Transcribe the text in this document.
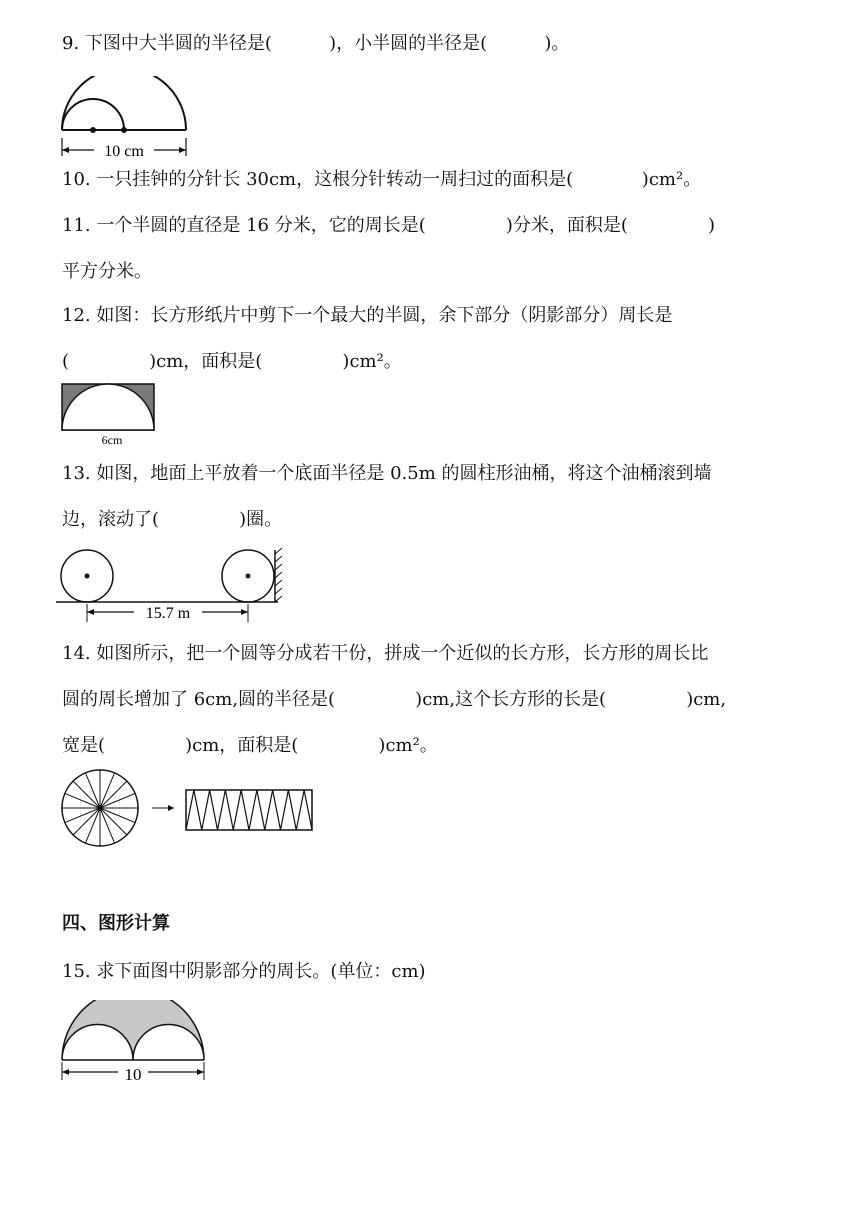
9. 下图中大半圆的半径是(          )，小半圆的半径是(          )。
10 cm
10. 一只挂钟的分针长 30cm，这根分针转动一周扫过的面积是(            )cm²。
11. 一个半圆的直径是 16 分米，它的周长是(              )分米，面积是(              )
平方分米。
12. 如图：长方形纸片中剪下一个最大的半圆，余下部分（阴影部分）周长是
(              )cm，面积是(              )cm²。
6cm
13. 如图，地面上平放着一个底面半径是 0.5m 的圆柱形油桶，将这个油桶滚到墙
边，滚动了(              )圈。
15.7 m
14. 如图所示，把一个圆等分成若干份，拼成一个近似的长方形，长方形的周长比
圆的周长增加了 6cm,圆的半径是(              )cm,这个长方形的长是(              )cm,
宽是(              )cm，面积是(              )cm²。
四、图形计算
15. 求下面图中阴影部分的周长。(单位：cm)
10
